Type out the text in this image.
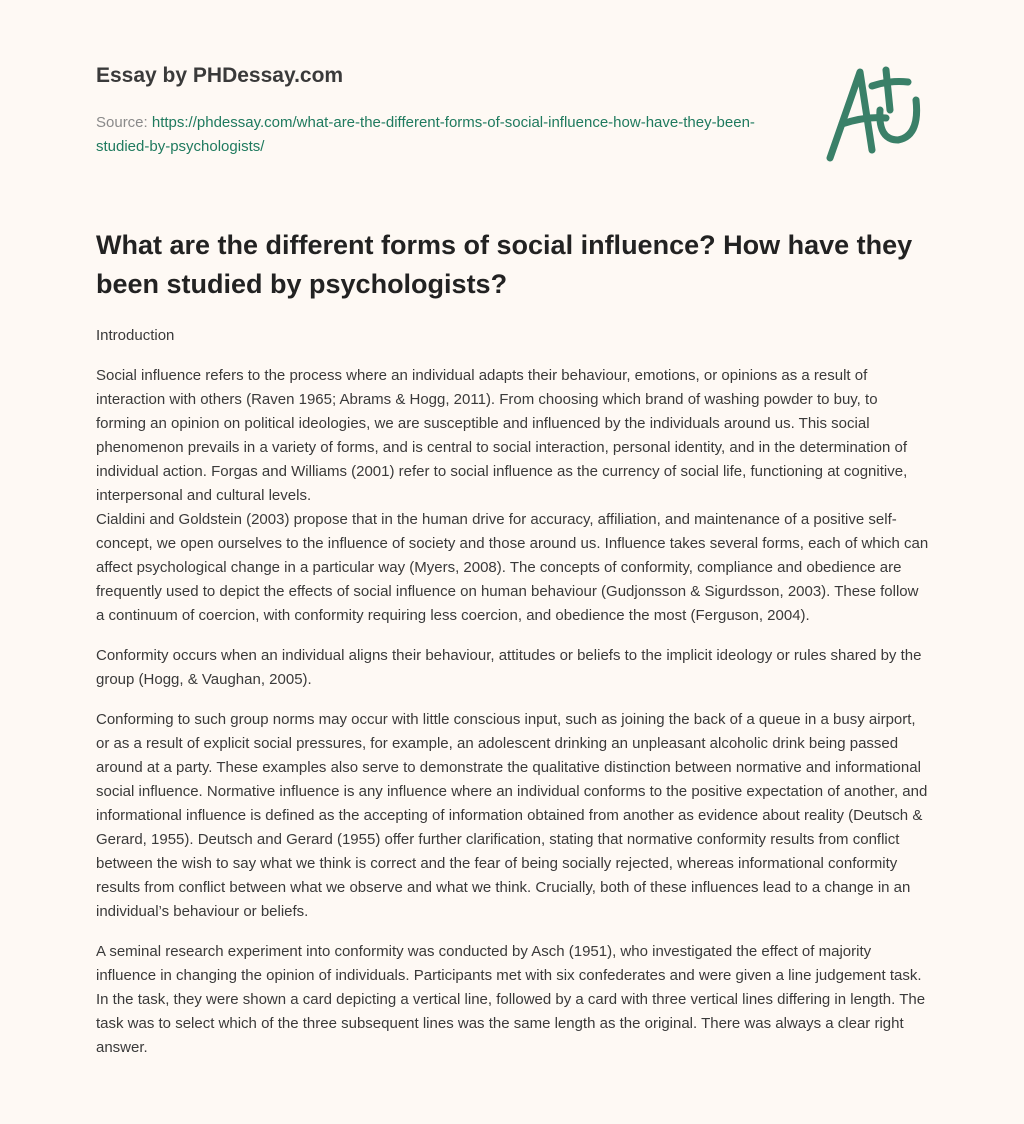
Essay by PHDessay.com
Source: https://phdessay.com/what-are-the-different-forms-of-social-influence-how-have-they-been-studied-by-psychologists/
What are the different forms of social influence? How have they been studied by psychologists?

Introduction

Social influence refers to the process where an individual adapts their behaviour, emotions, or opinions as a result of interaction with others (Raven 1965; Abrams & Hogg, 2011). From choosing which brand of washing powder to buy, to forming an opinion on political ideologies, we are susceptible and influenced by the individuals around us. This social phenomenon prevails in a variety of forms, and is central to social interaction, personal identity, and in the determination of individual action. Forgas and Williams (2001) refer to social influence as the currency of social life, functioning at cognitive, interpersonal and cultural levels.

Cialdini and Goldstein (2003) propose that in the human drive for accuracy, affiliation, and maintenance of a positive self-concept, we open ourselves to the influence of society and those around us. Influence takes several forms, each of which can affect psychological change in a particular way (Myers, 2008). The concepts of conformity, compliance and obedience are frequently used to depict the effects of social influence on human behaviour (Gudjonsson & Sigurdsson, 2003). These follow a continuum of coercion, with conformity requiring less coercion, and obedience the most (Ferguson, 2004).

Conformity occurs when an individual aligns their behaviour, attitudes or beliefs to the implicit ideology or rules shared by the group (Hogg, & Vaughan, 2005).

Conforming to such group norms may occur with little conscious input, such as joining the back of a queue in a busy airport, or as a result of explicit social pressures, for example, an adolescent drinking an unpleasant alcoholic drink being passed around at a party. These examples also serve to demonstrate the qualitative distinction between normative and informational social influence. Normative influence is any influence where an individual conforms to the positive expectation of another, and informational influence is defined as the accepting of information obtained from another as evidence about reality (Deutsch & Gerard, 1955). Deutsch and Gerard (1955) offer further clarification, stating that normative conformity results from conflict between the wish to say what we think is correct and the fear of being socially rejected, whereas informational conformity results from conflict between what we observe and what we think. Crucially, both of these influences lead to a change in an individual’s behaviour or beliefs.

A seminal research experiment into conformity was conducted by Asch (1951), who investigated the effect of majority influence in changing the opinion of individuals. Participants met with six confederates and were given a line judgement task. In the task, they were shown a card depicting a vertical line, followed by a card with three vertical lines differing in length. The task was to select which of the three subsequent lines was the same length as the original. There was always a clear right answer.
